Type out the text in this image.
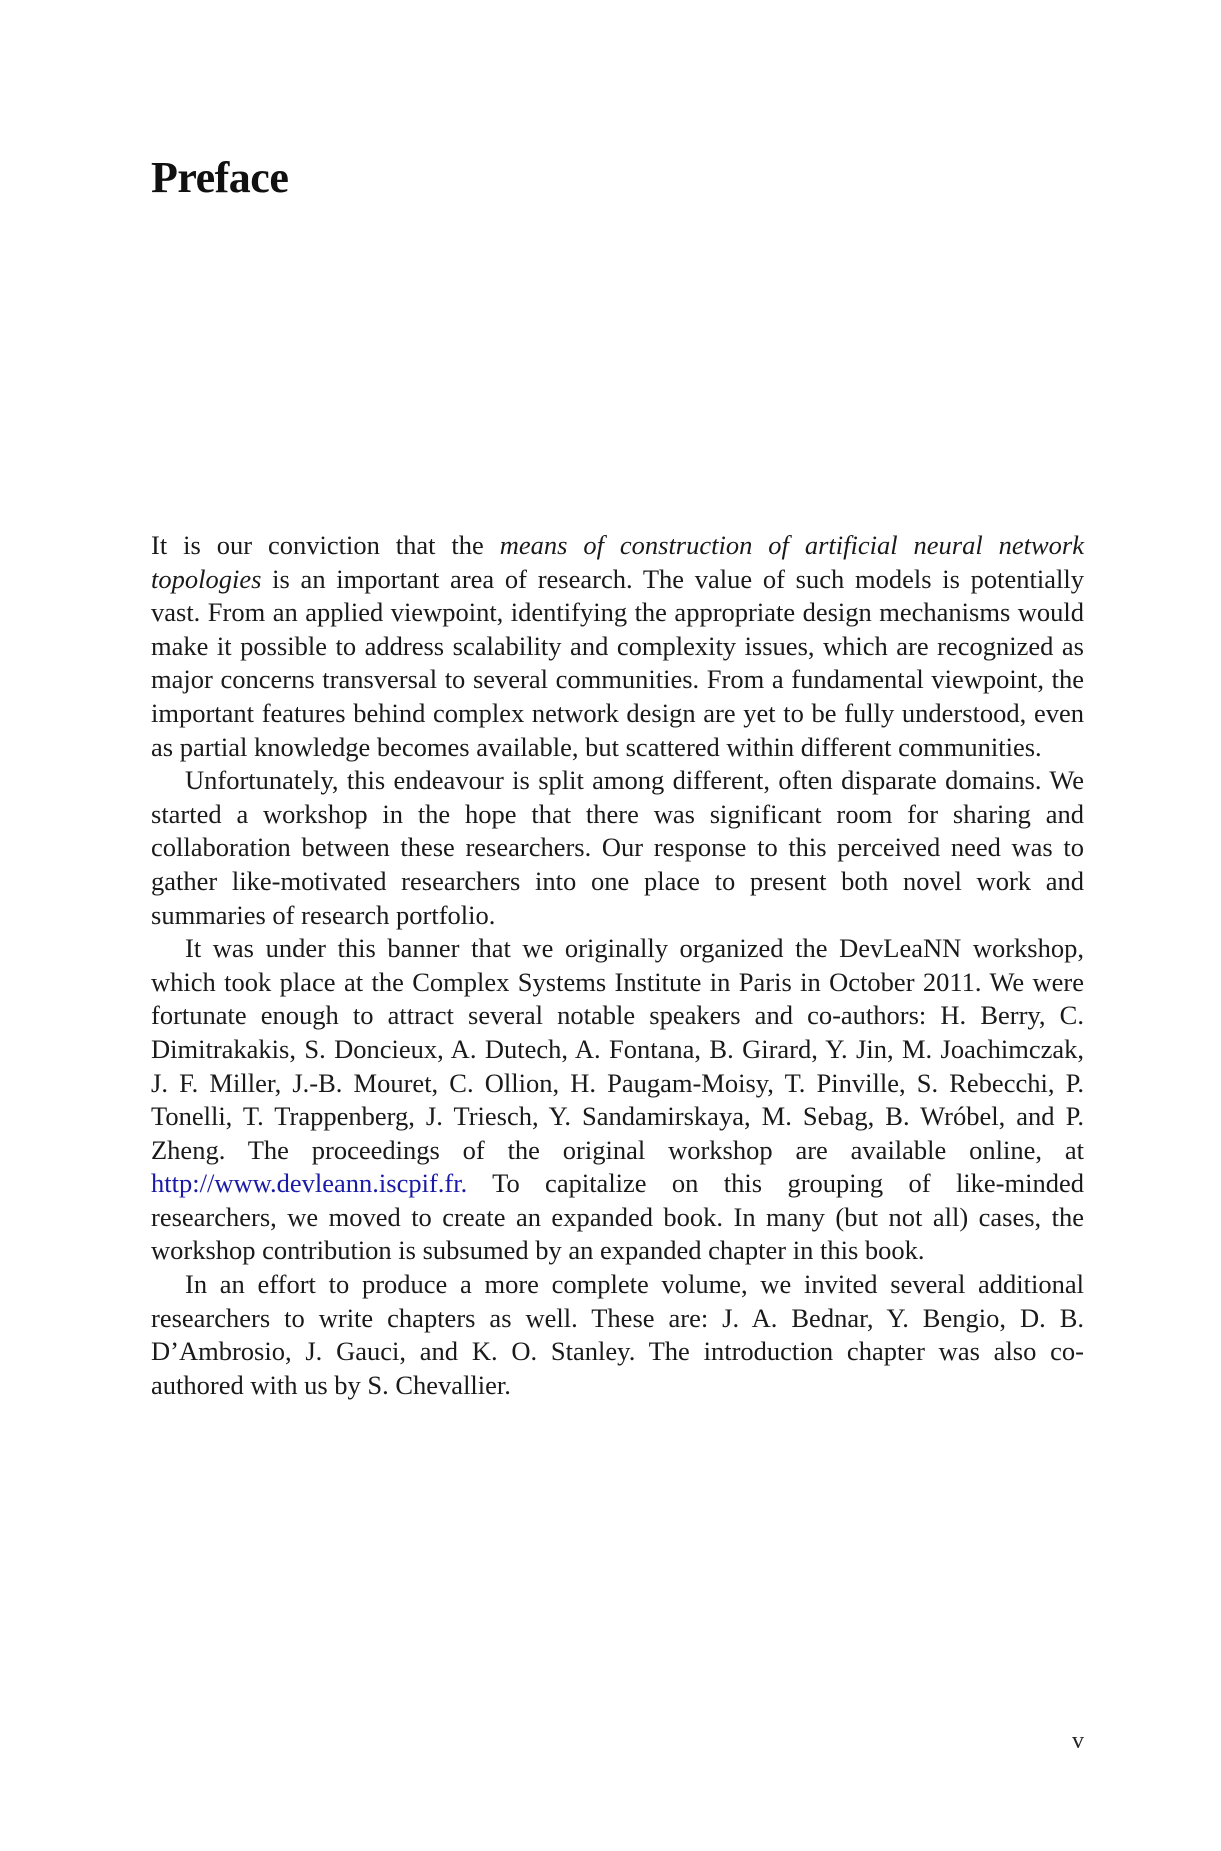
Preface

It is our conviction that the means of construction of artificial neural network topologies is an important area of research. The value of such models is potentially vast. From an applied viewpoint, identifying the appropriate design mechanisms would make it possible to address scalability and complexity issues, which are recognized as major concerns transversal to several communities. From a fundamental viewpoint, the important features behind complex network design are yet to be fully understood, even as partial knowledge becomes available, but scattered within different communities.

Unfortunately, this endeavour is split among different, often disparate domains. We started a workshop in the hope that there was significant room for sharing and collaboration between these researchers. Our response to this perceived need was to gather like-motivated researchers into one place to present both novel work and summaries of research portfolio.

It was under this banner that we originally organized the DevLeaNN workshop, which took place at the Complex Systems Institute in Paris in October 2011. We were fortunate enough to attract several notable speakers and co-authors: H. Berry, C. Dimitrakakis, S. Doncieux, A. Dutech, A. Fontana, B. Girard, Y. Jin, M. Joachimczak, J. F. Miller, J.-B. Mouret, C. Ollion, H. Paugam-Moisy, T. Pinville, S. Rebecchi, P. Tonelli, T. Trappenberg, J. Triesch, Y. Sandamirskaya, M. Sebag, B. Wróbel, and P. Zheng. The proceedings of the original workshop are available online, at http://www.devleann.iscpif.fr. To capitalize on this grouping of like-minded researchers, we moved to create an expanded book. In many (but not all) cases, the workshop contribution is subsumed by an expanded chapter in this book.

In an effort to produce a more complete volume, we invited several additional researchers to write chapters as well. These are: J. A. Bednar, Y. Bengio, D. B. D’Ambrosio, J. Gauci, and K. O. Stanley. The introduction chapter was also co-authored with us by S. Chevallier.

v
